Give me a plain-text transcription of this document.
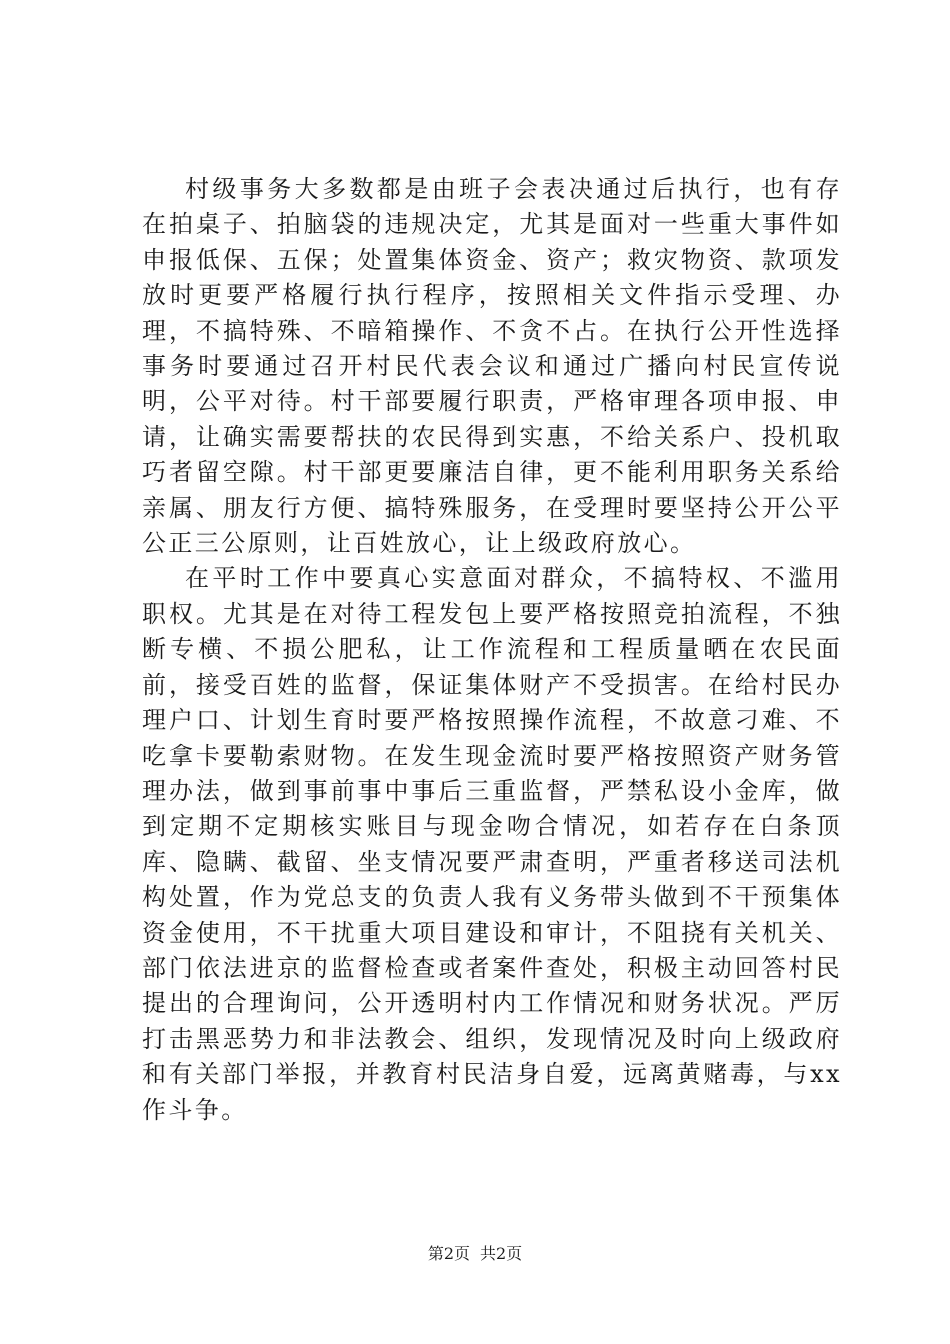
村级事务大多数都是由班子会表决通过后执行，也有存在拍桌子、拍脑袋的违规决定，尤其是面对一些重大事件如申报低保、五保；处置集体资金、资产；救灾物资、款项发放时更要严格履行执行程序，按照相关文件指示受理、办理，不搞特殊、不暗箱操作、不贪不占。在执行公开性选择事务时要通过召开村民代表会议和通过广播向村民宣传说明，公平对待。村干部要履行职责，严格审理各项申报、申请，让确实需要帮扶的农民得到实惠，不给关系户、投机取巧者留空隙。村干部更要廉洁自律，更不能利用职务关系给亲属、朋友行方便、搞特殊服务，在受理时要坚持公开公平公正三公原则，让百姓放心，让上级政府放心。

在平时工作中要真心实意面对群众，不搞特权、不滥用职权。尤其是在对待工程发包上要严格按照竞拍流程，不独断专横、不损公肥私，让工作流程和工程质量晒在农民面前，接受百姓的监督，保证集体财产不受损害。在给村民办理户口、计划生育时要严格按照操作流程，不故意刁难、不吃拿卡要勒索财物。在发生现金流时要严格按照资产财务管理办法，做到事前事中事后三重监督，严禁私设小金库，做到定期不定期核实账目与现金吻合情况，如若存在白条顶库、隐瞒、截留、坐支情况要严肃查明，严重者移送司法机构处置，作为党总支的负责人我有义务带头做到不干预集体资金使用，不干扰重大项目建设和审计，不阻挠有关机关、部门依法进京的监督检查或者案件查处，积极主动回答村民提出的合理询问，公开透明村内工作情况和财务状况。严厉打击黑恶势力和非法教会、组织，发现情况及时向上级政府和有关部门举报，并教育村民洁身自爱，远离黄赌毒，与xx作斗争。

第2页 共2页
